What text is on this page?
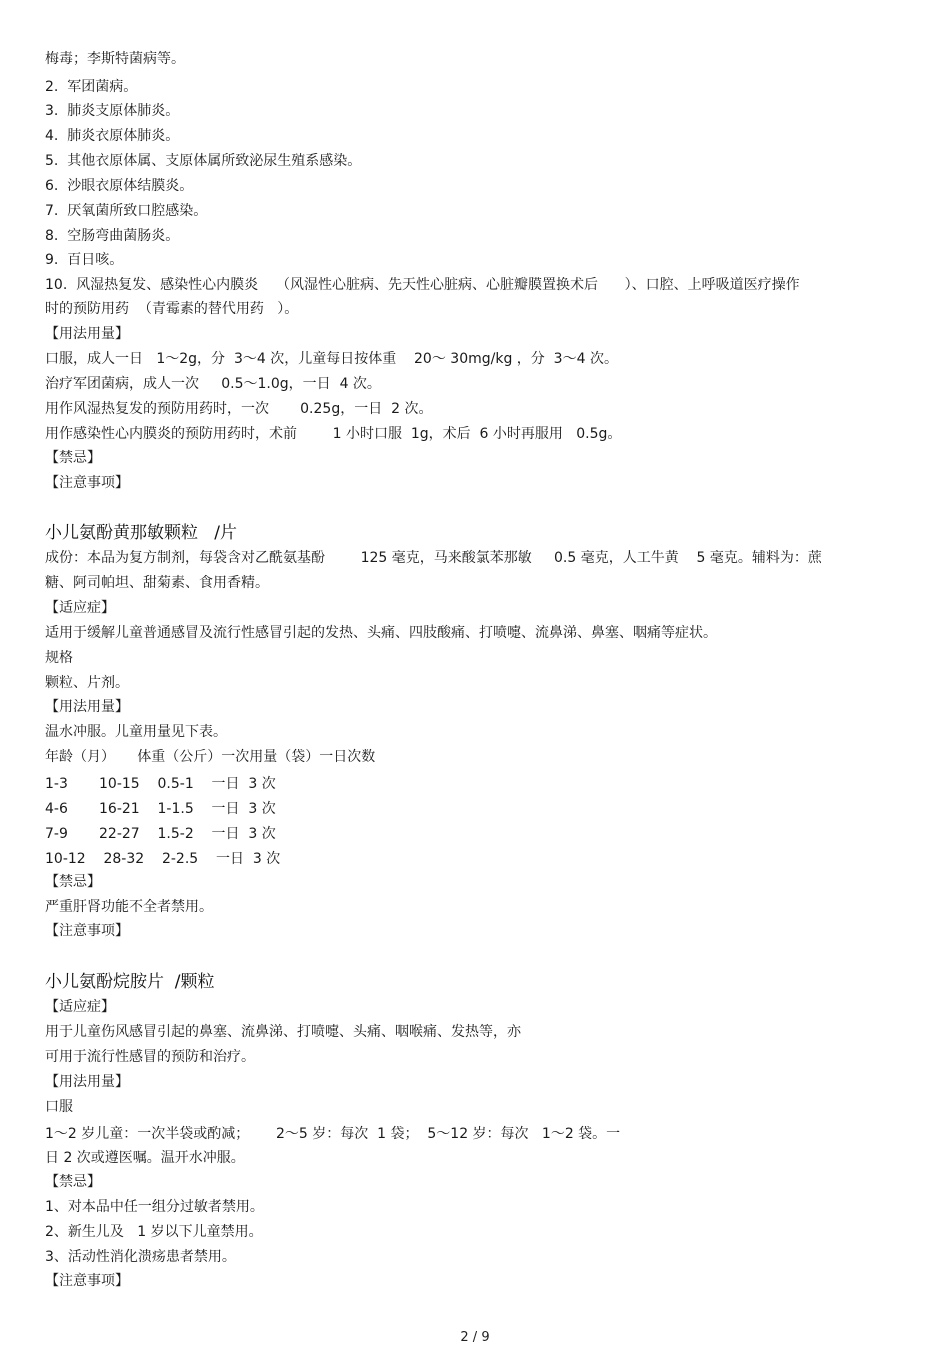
梅毒；李斯特菌病等。
2.  军团菌病。
3.  肺炎支原体肺炎。
4.  肺炎衣原体肺炎。
5.  其他衣原体属、支原体属所致泌尿生殖系感染。
6.  沙眼衣原体结膜炎。
7.  厌氧菌所致口腔感染。
8.  空肠弯曲菌肠炎。
9.  百日咳。
10.  风湿热复发、感染性心内膜炎    （风湿性心脏病、先天性心脏病、心脏瓣膜置换术后      ）、口腔、上呼吸道医疗操作
时的预防用药  （青霉素的替代用药   ）。
【用法用量】
口服，成人一日   1～2g，分  3～4 次，儿童每日按体重    20～ 30mg/kg ，分  3～4 次。
治疗军团菌病，成人一次     0.5～1.0g，一日  4 次。
用作风湿热复发的预防用药时，一次       0.25g，一日  2 次。
用作感染性心内膜炎的预防用药时，术前        1 小时口服  1g，术后  6 小时再服用   0.5g。
【禁忌】
【注意事项】
小儿氨酚黄那敏颗粒   /片
成份：本品为复方制剂，每袋含对乙酰氨基酚        125 毫克，马来酸氯苯那敏     0.5 毫克，人工牛黄    5 毫克。辅料为：蔗
糖、阿司帕坦、甜菊素、食用香精。
【适应症】
适用于缓解儿童普通感冒及流行性感冒引起的发热、头痛、四肢酸痛、打喷嚏、流鼻涕、鼻塞、咽痛等症状。
规格
颗粒、片剂。
【用法用量】
温水冲服。儿童用量见下表。
年龄（月）     体重（公斤）一次用量（袋）一日次数
1-3       10-15    0.5-1    一日  3 次
4-6       16-21    1-1.5    一日  3 次
7-9       22-27    1.5-2    一日  3 次
10-12    28-32    2-2.5    一日  3 次
【禁忌】
严重肝肾功能不全者禁用。
【注意事项】
小儿氨酚烷胺片  /颗粒
【适应症】
用于儿童伤风感冒引起的鼻塞、流鼻涕、打喷嚏、头痛、咽喉痛、发热等，亦
可用于流行性感冒的预防和治疗。
【用法用量】
口服
1～2 岁儿童：一次半袋或酌减；      2～5 岁：每次  1 袋；  5～12 岁：每次   1～2 袋。一
日 2 次或遵医嘱。温开水冲服。
【禁忌】
1、对本品中任一组分过敏者禁用。
2、新生儿及   1 岁以下儿童禁用。
3、活动性消化溃疡患者禁用。
【注意事项】
2 / 9
